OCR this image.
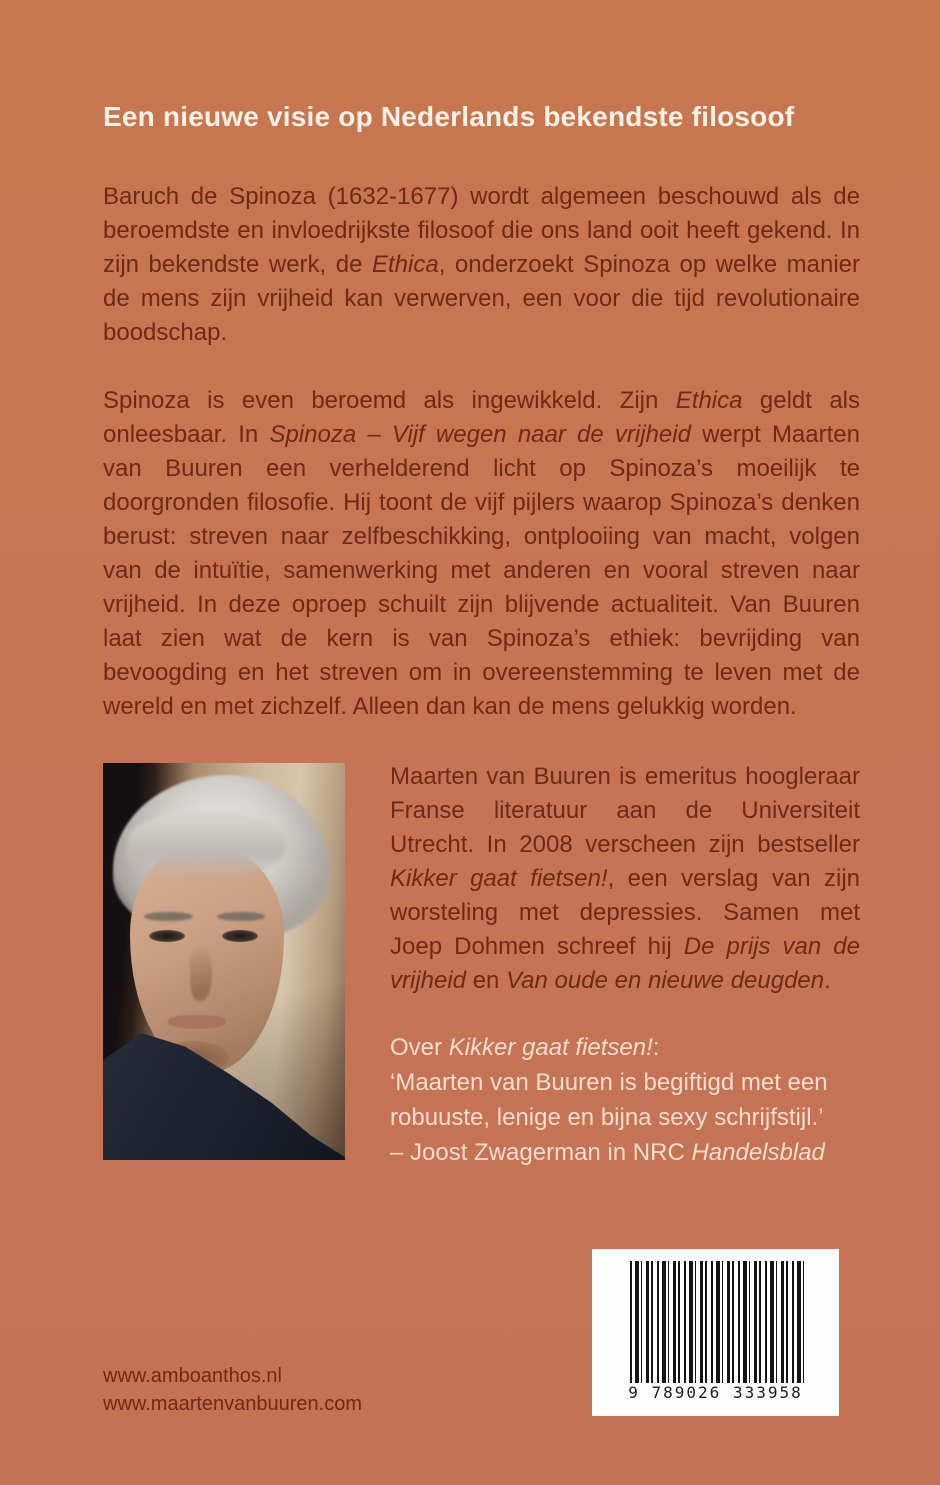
Een nieuwe visie op Nederlands bekendste filosoof
Baruch de Spinoza (1632-1677) wordt algemeen beschouwd als de beroemdste en invloedrijkste filosoof die ons land ooit heeft gekend. In zijn bekendste werk, de Ethica, onderzoekt Spinoza op welke manier de mens zijn vrijheid kan verwerven, een voor die tijd revolutionaire boodschap.
Spinoza is even beroemd als ingewikkeld. Zijn Ethica geldt als onleesbaar. In Spinoza – Vijf wegen naar de vrijheid werpt Maarten van Buuren een verhelderend licht op Spinoza’s moeilijk te doorgronden filosofie. Hij toont de vijf pijlers waarop Spinoza’s denken berust: streven naar zelfbeschikking, ontplooiing van macht, volgen van de intuïtie, samenwerking met anderen en vooral streven naar vrijheid. In deze oproep schuilt zijn blijvende actualiteit. Van Buuren laat zien wat de kern is van Spinoza’s ethiek: bevrijding van bevoogding en het streven om in overeenstemming te leven met de wereld en met zichzelf. Alleen dan kan de mens gelukkig worden.
Maarten van Buuren is emeritus hoogleraar Franse literatuur aan de Universiteit Utrecht. In 2008 verscheen zijn bestseller Kikker gaat fietsen!, een verslag van zijn worsteling met depressies. Samen met Joep Dohmen schreef hij De prijs van de vrijheid en Van oude en nieuwe deugden.
Over Kikker gaat fietsen!:
‘Maarten van Buuren is begiftigd met een robuuste, lenige en bijna sexy schrijfstijl.’
– Joost Zwagerman in NRC Handelsblad
9 789026 333958
www.amboanthos.nl
www.maartenvanbuuren.com
